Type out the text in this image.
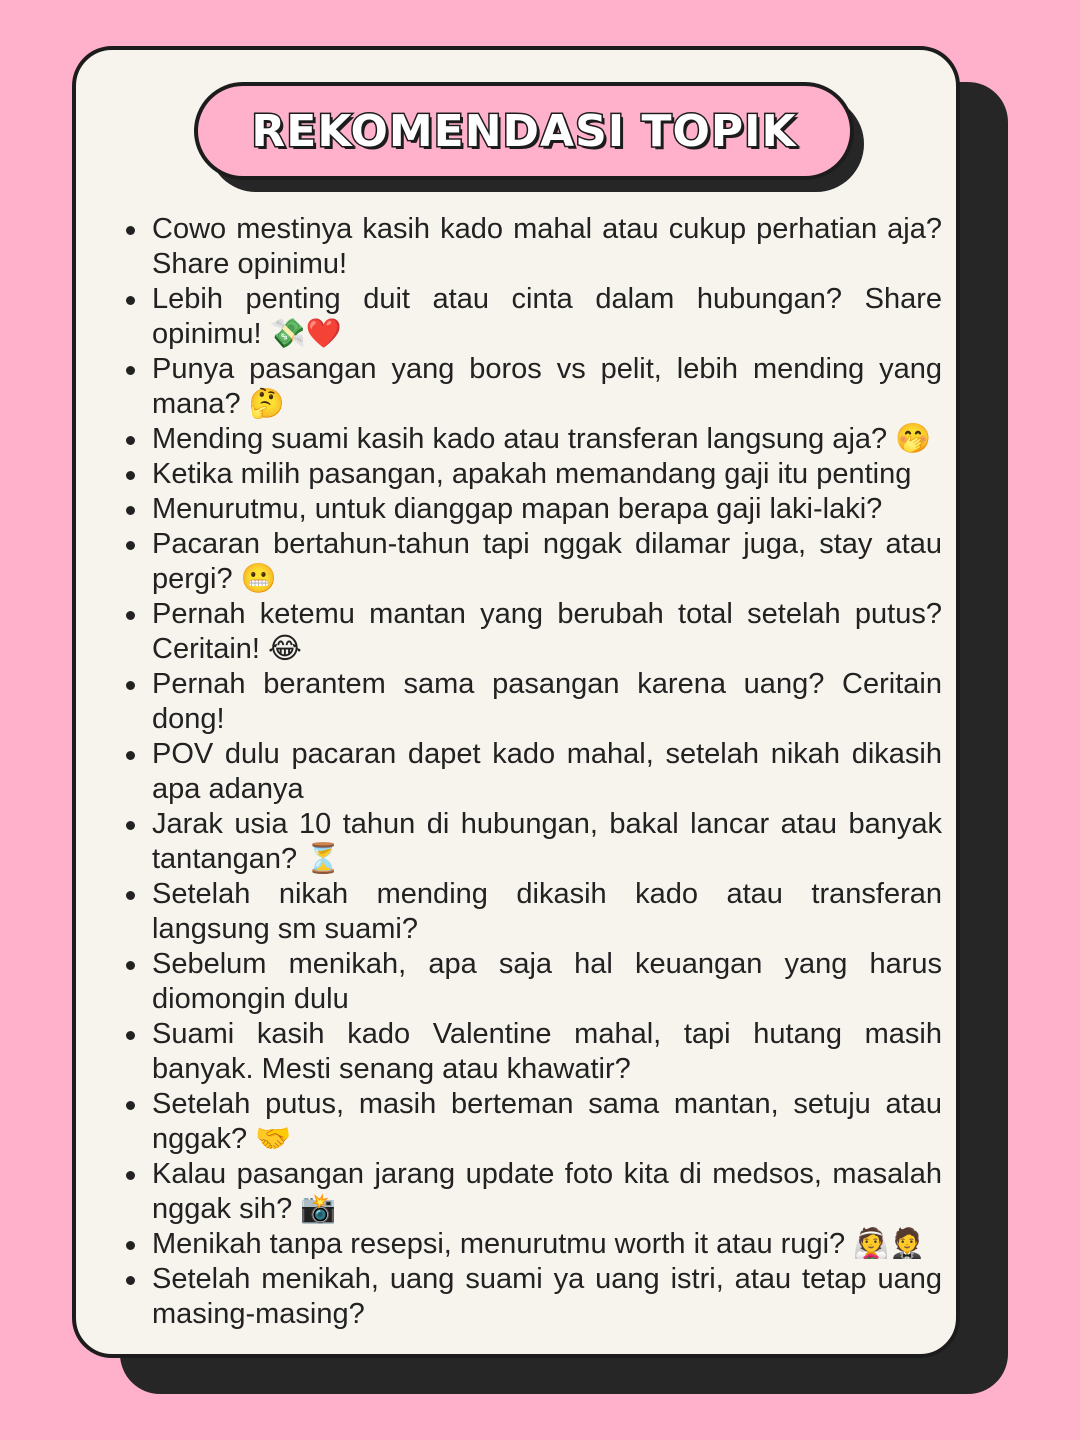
REKOMENDASI TOPIK
Cowo mestinya kasih kado mahal atau cukup perhatian aja? Share opinimu!
Lebih penting duit atau cinta dalam hubungan? Share opinimu! 💸❤️
Punya pasangan yang boros vs pelit, lebih mending yang mana? 🤔
Mending suami kasih kado atau transferan langsung aja? 🤭
Ketika milih pasangan, apakah memandang gaji itu penting
Menurutmu, untuk dianggap mapan berapa gaji laki-laki?
Pacaran bertahun-tahun tapi nggak dilamar juga, stay atau pergi? 😬
Pernah ketemu mantan yang berubah total setelah putus? Ceritain! 😂
Pernah berantem sama pasangan karena uang? Ceritain dong!
POV dulu pacaran dapet kado mahal, setelah nikah dikasih apa adanya
Jarak usia 10 tahun di hubungan, bakal lancar atau banyak tantangan? ⏳
Setelah nikah mending dikasih kado atau transferan langsung sm suami?
Sebelum menikah, apa saja hal keuangan yang harus diomongin dulu
Suami kasih kado Valentine mahal, tapi hutang masih banyak. Mesti senang atau khawatir?
Setelah putus, masih berteman sama mantan, setuju atau nggak? 🤝
Kalau pasangan jarang update foto kita di medsos, masalah nggak sih? 📸
Menikah tanpa resepsi, menurutmu worth it atau rugi? 👰🤵
Setelah menikah, uang suami ya uang istri, atau tetap uang masing-masing?
